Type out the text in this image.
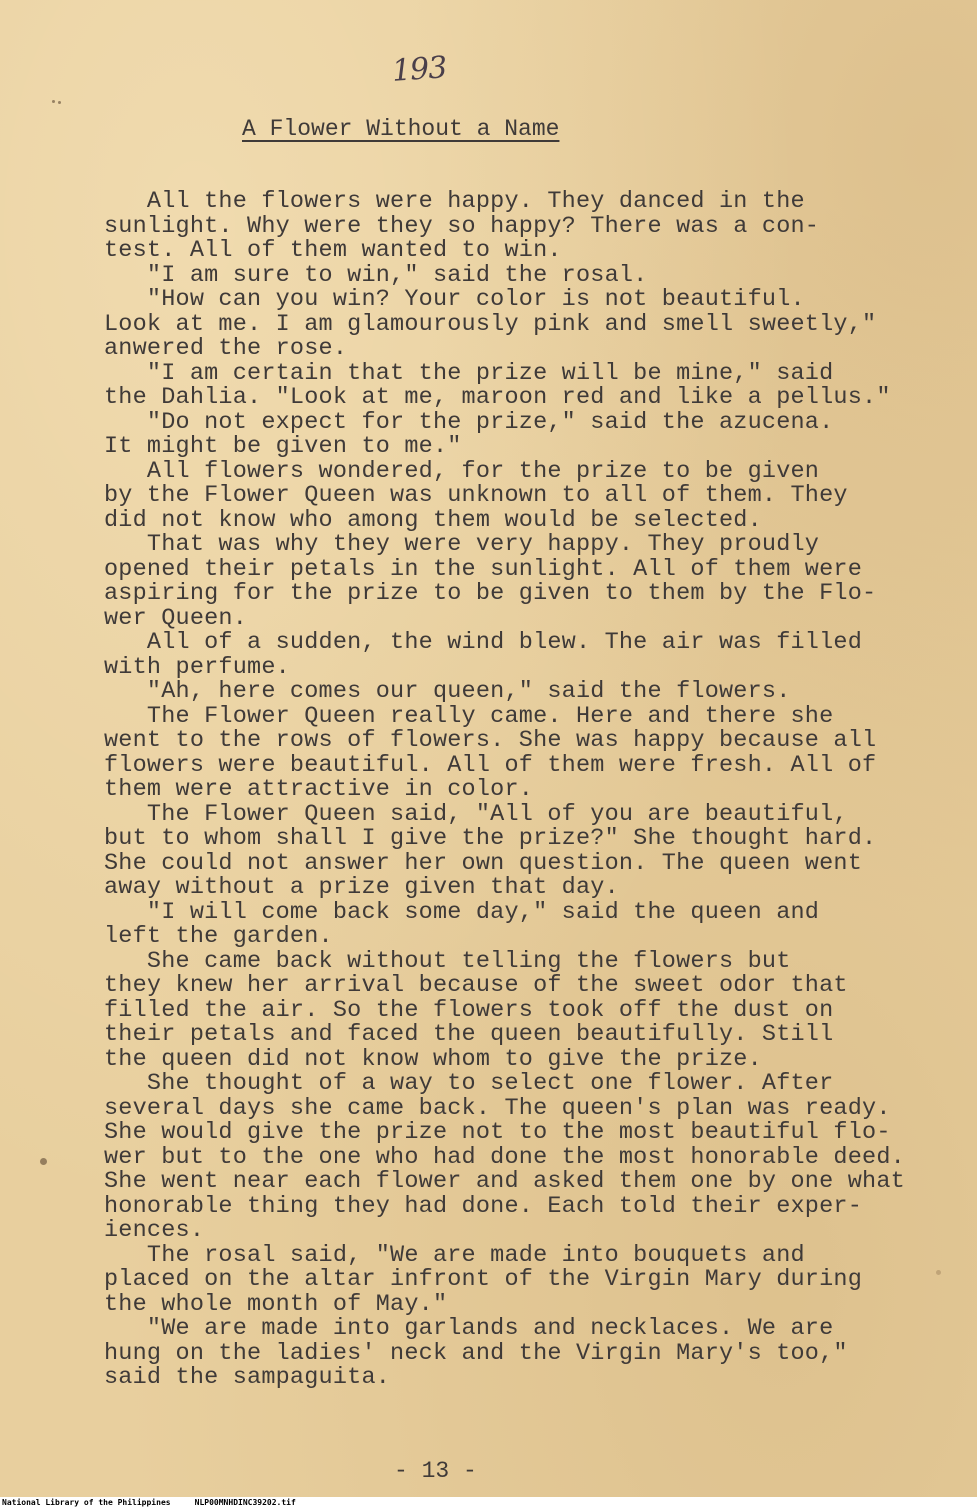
193
A Flower Without a Name
All the flowers were happy. They danced in the
sunlight. Why were they so happy? There was a con-
test. All of them wanted to win.
"I am sure to win," said the rosal.
"How can you win? Your color is not beautiful.
Look at me. I am glamourously pink and smell sweetly,"
anwered the rose.
"I am certain that the prize will be mine," said
the Dahlia. "Look at me, maroon red and like a pellus."
"Do not expect for the prize," said the azucena.
It might be given to me."
All flowers wondered, for the prize to be given
by the Flower Queen was unknown to all of them. They
did not know who among them would be selected.
That was why they were very happy. They proudly
opened their petals in the sunlight. All of them were
aspiring for the prize to be given to them by the Flo-
wer Queen.
All of a sudden, the wind blew. The air was filled
with perfume.
"Ah, here comes our queen," said the flowers.
The Flower Queen really came. Here and there she
went to the rows of flowers. She was happy because all
flowers were beautiful. All of them were fresh. All of
them were attractive in color.
The Flower Queen said, "All of you are beautiful,
but to whom shall I give the prize?" She thought hard.
She could not answer her own question. The queen went
away without a prize given that day.
"I will come back some day," said the queen and
left the garden.
She came back without telling the flowers but
they knew her arrival because of the sweet odor that
filled the air. So the flowers took off the dust on
their petals and faced the queen beautifully. Still
the queen did not know whom to give the prize.
She thought of a way to select one flower. After
several days she came back. The queen's plan was ready.
She would give the prize not to the most beautiful flo-
wer but to the one who had done the most honorable deed.
She went near each flower and asked them one by one what
honorable thing they had done. Each told their exper-
iences.
The rosal said, "We are made into bouquets and
placed on the altar infront of the Virgin Mary during
the whole month of May."
"We are made into garlands and necklaces. We are
hung on the ladies' neck and the Virgin Mary's too,"
said the sampaguita.
- 13 -
National Library of the Philippines     NLP00MNHDINC39202.tif
